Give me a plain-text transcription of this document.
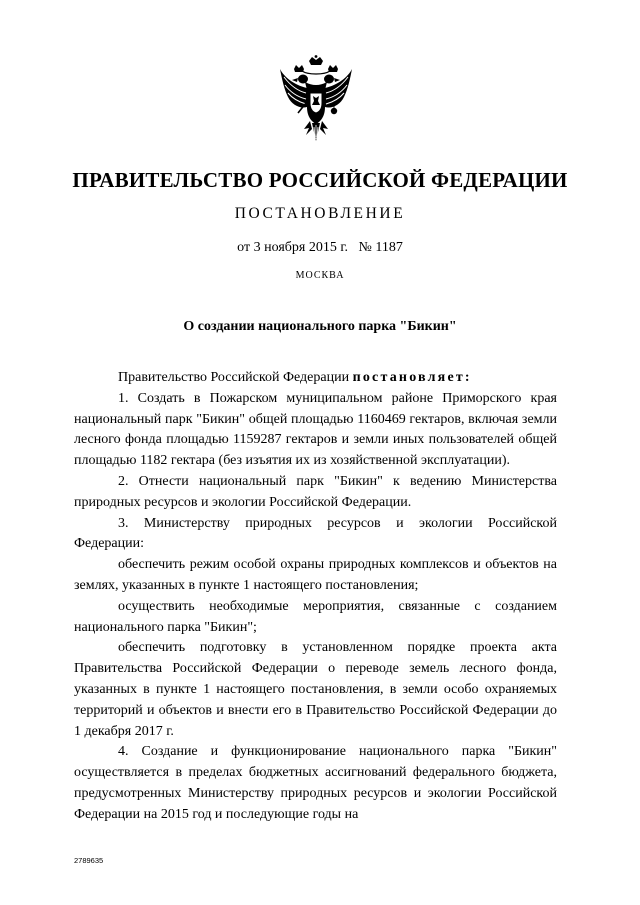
ПРАВИТЕЛЬСТВО РОССИЙСКОЙ ФЕДЕРАЦИИ
ПОСТАНОВЛЕНИЕ
от 3 ноября 2015 г. № 1187
МОСКВА
О создании национального парка "Бикин"

Правительство Российской Федерации постановляет:

1. Создать в Пожарском муниципальном районе Приморского края национальный парк "Бикин" общей площадью 1160469 гектаров, включая земли лесного фонда площадью 1159287 гектаров и земли иных пользователей общей площадью 1182 гектара (без изъятия их из хозяйственной эксплуатации).

2. Отнести национальный парк "Бикин" к ведению Министерства природных ресурсов и экологии Российской Федерации.

3. Министерству природных ресурсов и экологии Российской Федерации:

обеспечить режим особой охраны природных комплексов и объектов на землях, указанных в пункте 1 настоящего постановления;

осуществить необходимые мероприятия, связанные с созданием национального парка "Бикин";

обеспечить подготовку в установленном порядке проекта акта Правительства Российской Федерации о переводе земель лесного фонда, указанных в пункте 1 настоящего постановления, в земли особо охраняемых территорий и объектов и внести его в Правительство Российской Федерации до 1 декабря 2017 г.

4. Создание и функционирование национального парка "Бикин" осуществляется в пределах бюджетных ассигнований федерального бюджета, предусмотренных Министерству природных ресурсов и экологии Российской Федерации на 2015 год и последующие годы на

2789635
